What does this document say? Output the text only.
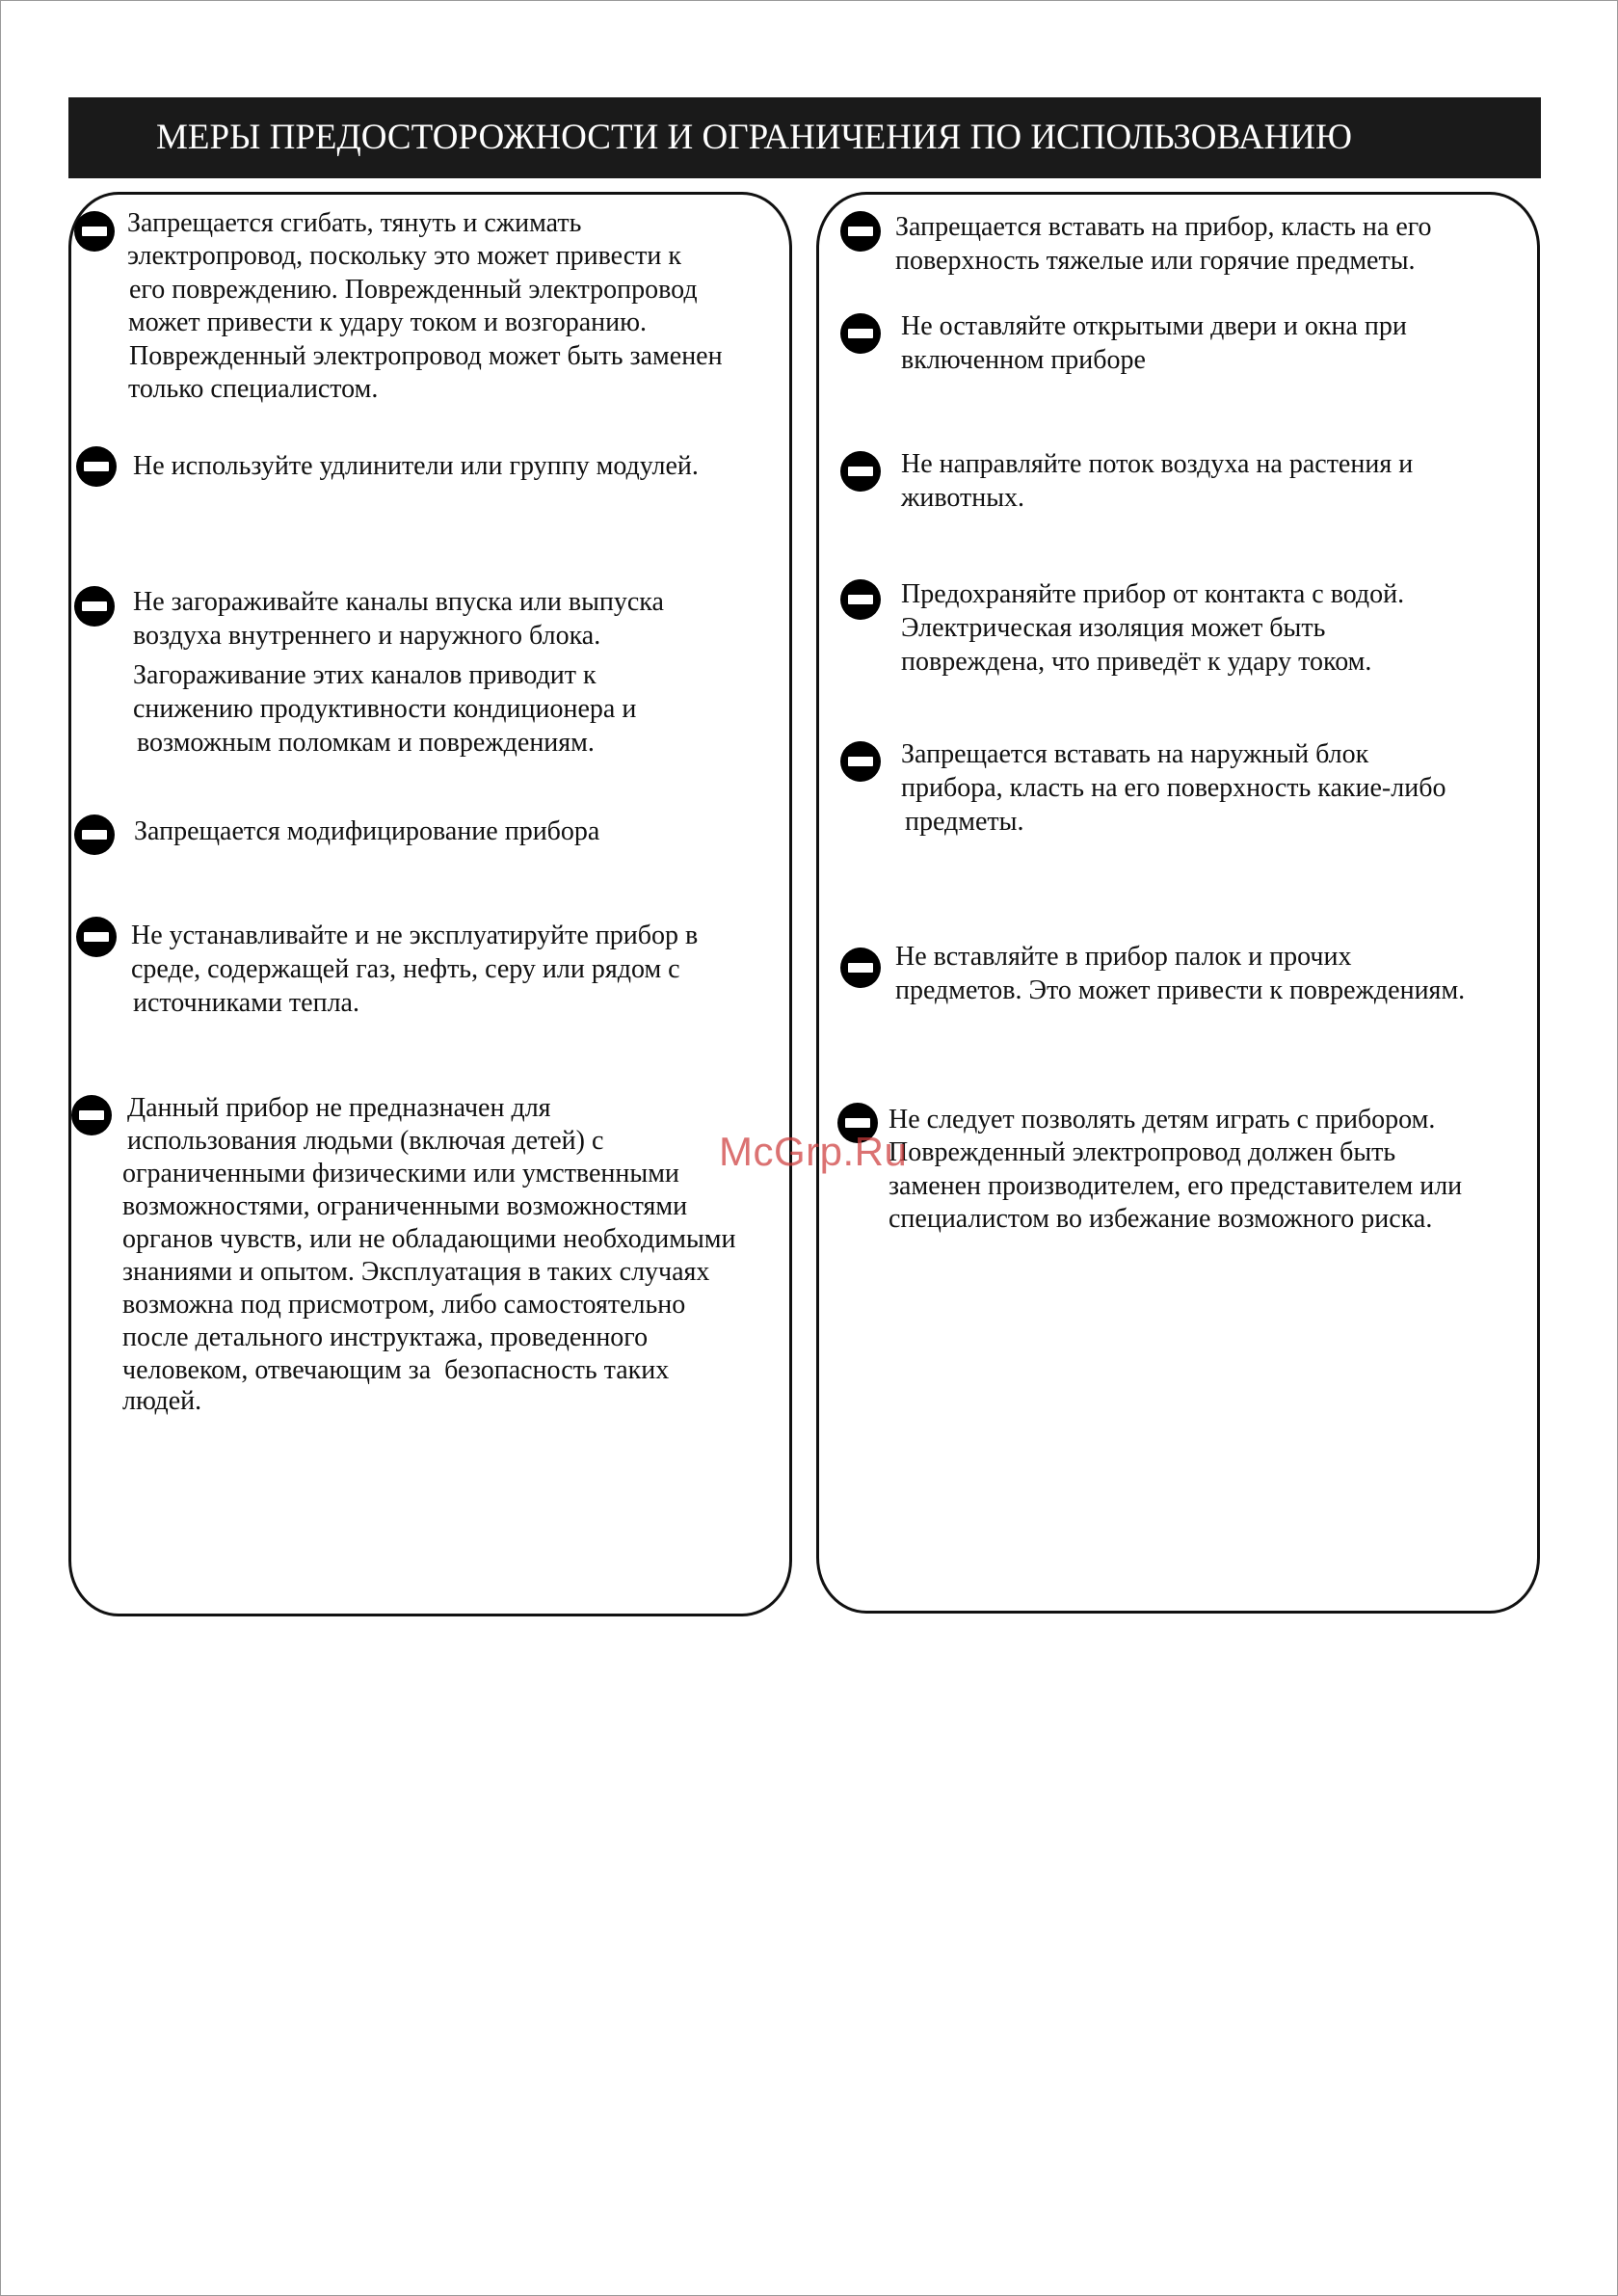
МЕРЫ ПРЕДОСТОРОЖНОСТИ И ОГРАНИЧЕНИЯ ПО ИСПОЛЬЗОВАНИЮ
Запрещается сгибать, тянуть и сжимать
электропровод, поскольку это может привести к
его повреждению. Поврежденный электропровод
может привести к удару током и возгоранию.
Поврежденный электропровод может быть заменен
только специалистом.
Не используйте удлинители или группу модулей.
Не загораживайте каналы впуска или выпуска
воздуха внутреннего и наружного блока.
Загораживание этих каналов приводит к
снижению продуктивности кондиционера и
возможным поломкам и повреждениям.
Запрещается модифицирование прибора
Не устанавливайте и не эксплуатируйте прибор в
среде, содержащей газ, нефть, серу или рядом с
источниками тепла.
Данный прибор не предназначен для
использования людьми (включая детей) с
ограниченными физическими или умственными
возможностями, ограниченными возможностями
органов чувств, или не обладающими необходимыми
знаниями и опытом. Эксплуатация в таких случаях
возможна под присмотром, либо самостоятельно
после детального инструктажа, проведенного
человеком, отвечающим за  безопасность таких
людей.
Запрещается вставать на прибор, класть на его
поверхность тяжелые или горячие предметы.
Не оставляйте открытыми двери и окна при
включенном приборе
Не направляйте поток воздуха на растения и
животных.
Предохраняйте прибор от контакта с водой.
Электрическая изоляция может быть
повреждена, что приведёт к удару током.
Запрещается вставать на наружный блок
прибора, класть на его поверхность какие-либо
предметы.
Не вставляйте в прибор палок и прочих
предметов. Это может привести к повреждениям.
Не следует позволять детям играть с прибором.
Поврежденный электропровод должен быть
заменен производителем, его представителем или
специалистом во избежание возможного риска.
McGrp.Ru
